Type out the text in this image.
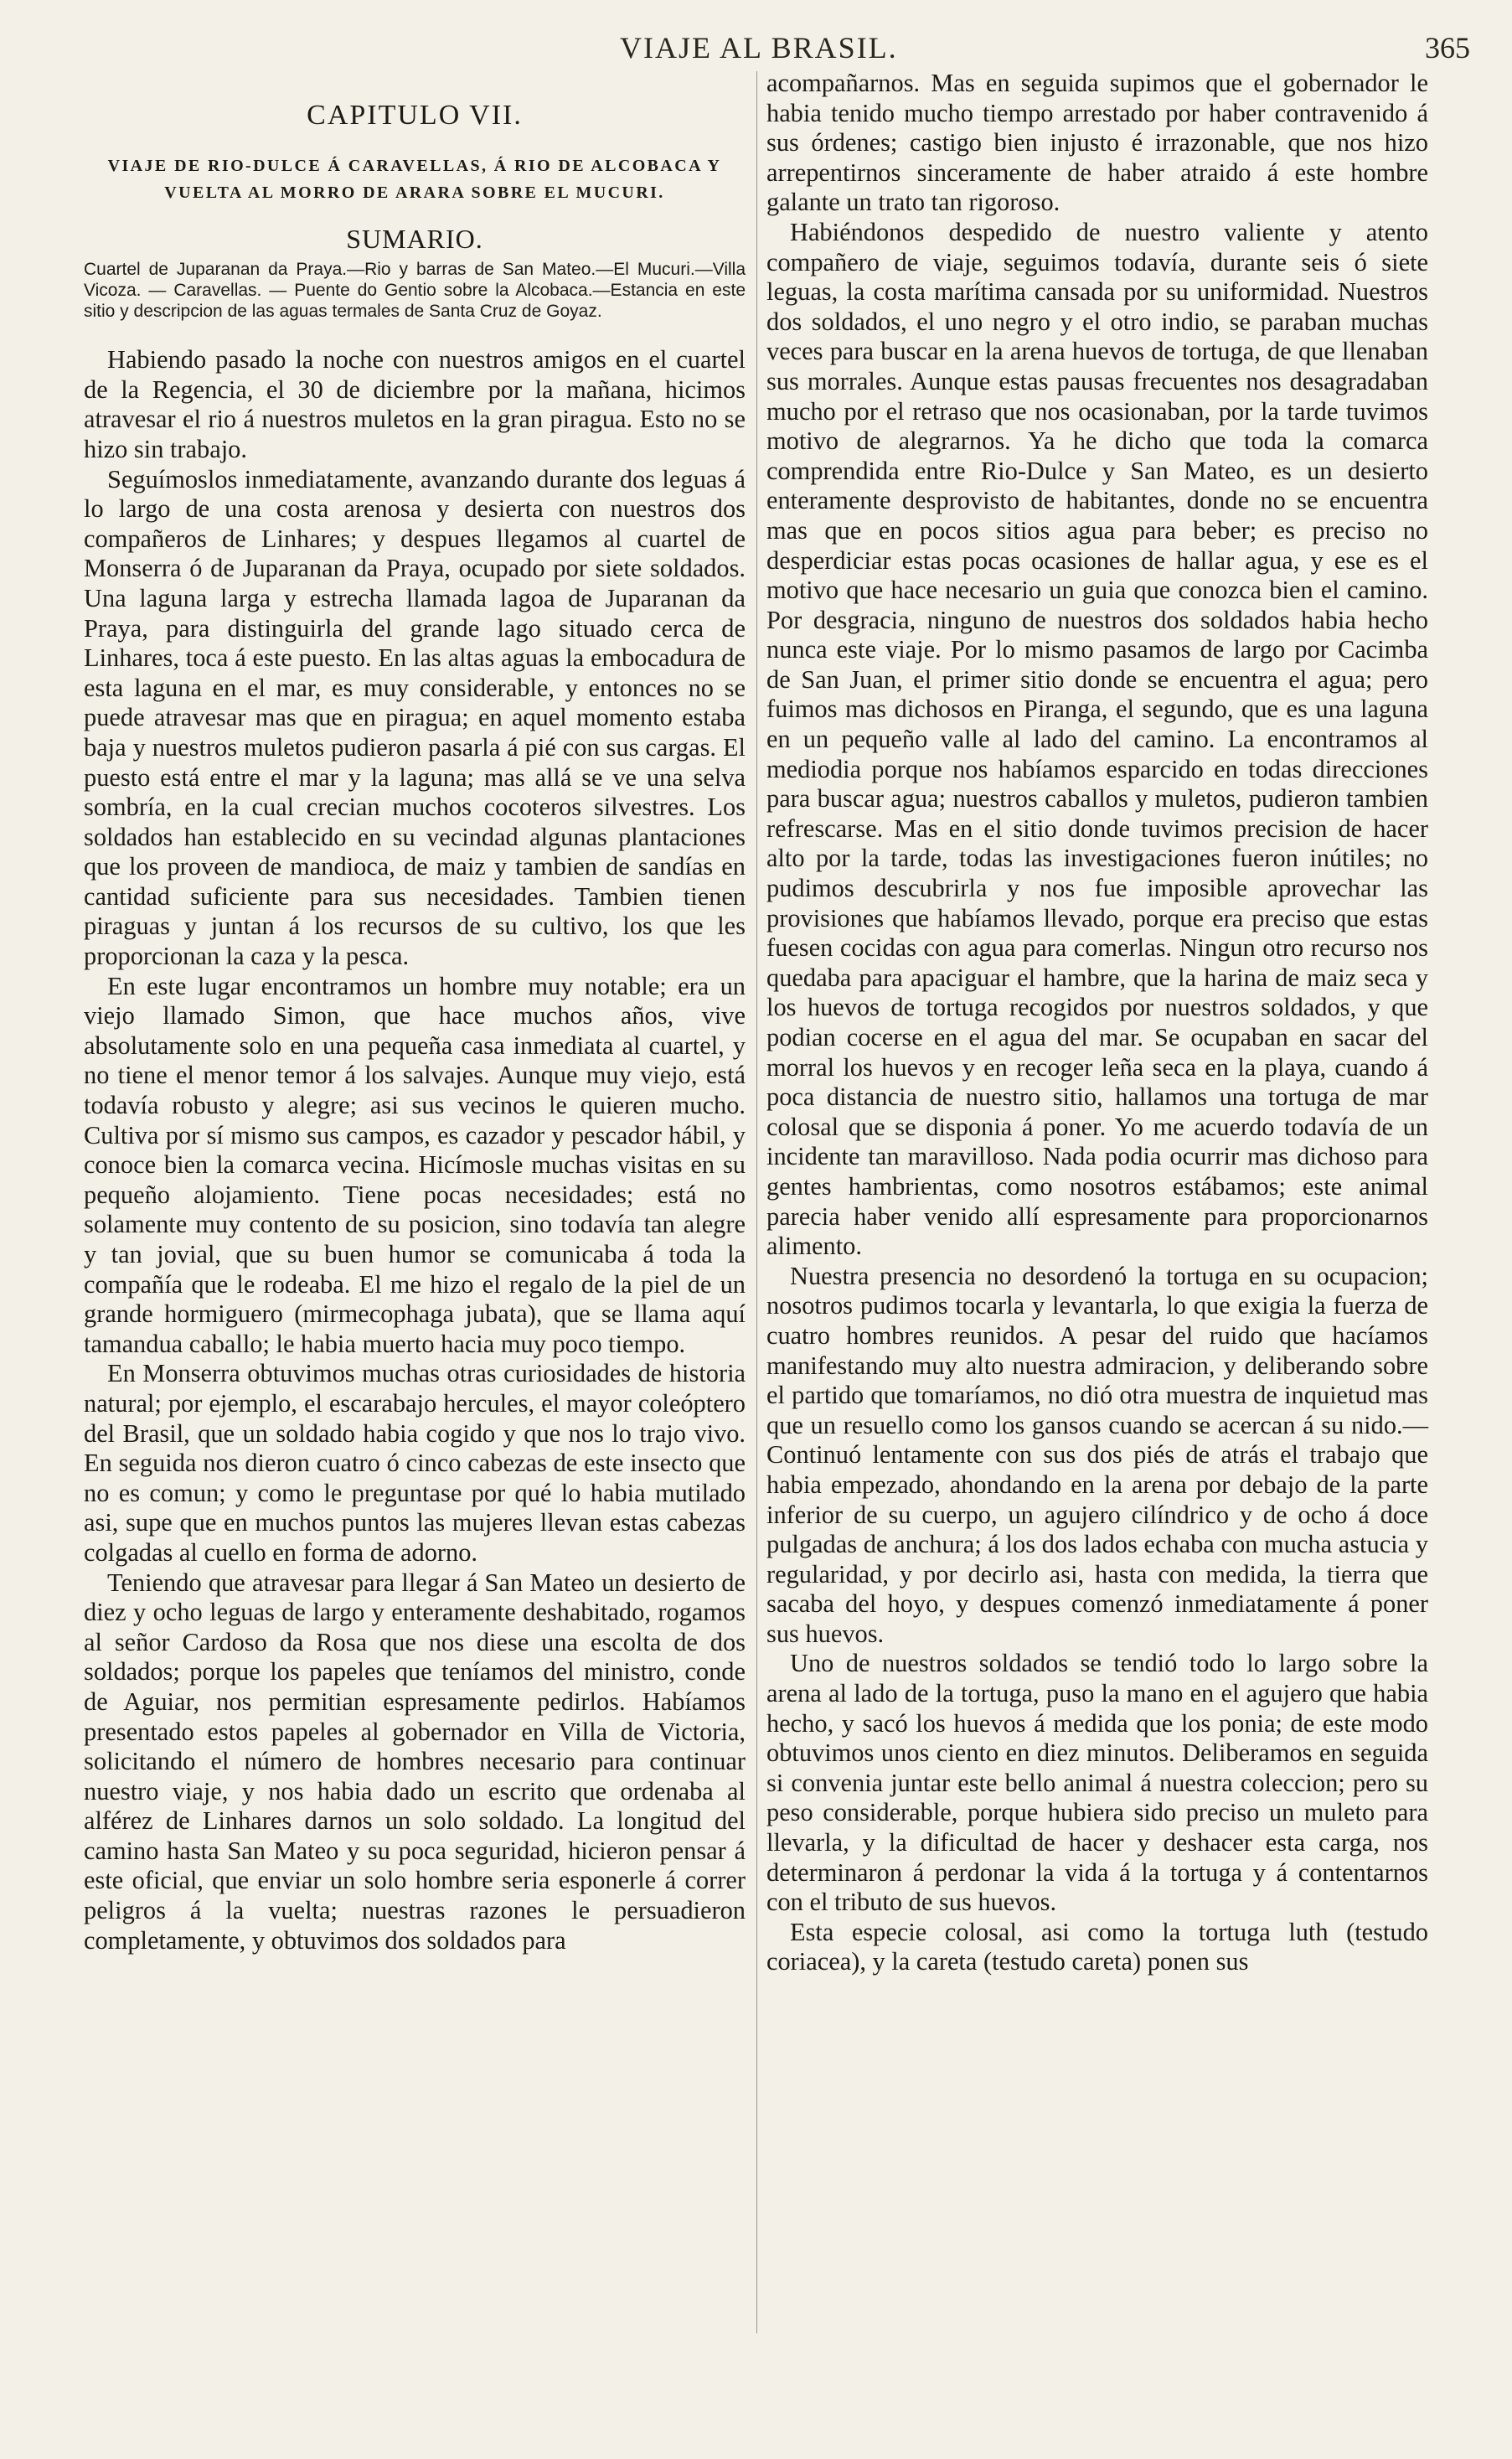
VIAJE AL BRASIL.	365
CAPITULO VII.
VIAJE DE RIO-DULCE Á CARAVELLAS, Á RIO DE ALCOBACA Y VUELTA AL MORRO DE ARARA SOBRE EL MUCURI.
SUMARIO.
Cuartel de Juparanan da Praya.—Rio y barras de San Mateo.—El Mucuri.—Villa Vicoza. — Caravellas. — Puente do Gentio sobre la Alcobaca.—Estancia en este sitio y descripcion de las aguas termales de Santa Cruz de Goyaz.

Habiendo pasado la noche con nuestros amigos en el cuartel de la Regencia, el 30 de diciembre por la mañana, hicimos atravesar el rio á nuestros muletos en la gran piragua. Esto no se hizo sin trabajo.

Seguímoslos inmediatamente, avanzando durante dos leguas á lo largo de una costa arenosa y desierta con nuestros dos compañeros de Linhares; y despues llegamos al cuartel de Monserra ó de Juparanan da Praya, ocupado por siete soldados. Una laguna larga y estrecha llamada lagoa de Juparanan da Praya, para distinguirla del grande lago situado cerca de Linhares, toca á este puesto. En las altas aguas la embocadura de esta laguna en el mar, es muy considerable, y entonces no se puede atravesar mas que en piragua; en aquel momento estaba baja y nuestros muletos pudieron pasarla á pié con sus cargas. El puesto está entre el mar y la laguna; mas allá se ve una selva sombría, en la cual crecian muchos cocoteros silvestres. Los soldados han establecido en su vecindad algunas plantaciones que los proveen de mandioca, de maiz y tambien de sandías en cantidad suficiente para sus necesidades. Tambien tienen piraguas y juntan á los recursos de su cultivo, los que les proporcionan la caza y la pesca.

En este lugar encontramos un hombre muy notable; era un viejo llamado Simon, que hace muchos años, vive absolutamente solo en una pequeña casa inmediata al cuartel, y no tiene el menor temor á los salvajes. Aunque muy viejo, está todavía robusto y alegre; asi sus vecinos le quieren mucho. Cultiva por sí mismo sus campos, es cazador y pescador hábil, y conoce bien la comarca vecina. Hicímosle muchas visitas en su pequeño alojamiento. Tiene pocas necesidades; está no solamente muy contento de su posicion, sino todavía tan alegre y tan jovial, que su buen humor se comunicaba á toda la compañía que le rodeaba. El me hizo el regalo de la piel de un grande hormiguero (mirmecophaga jubata), que se llama aquí tamandua caballo; le habia muerto hacia muy poco tiempo.

En Monserra obtuvimos muchas otras curiosidades de historia natural; por ejemplo, el escarabajo hercules, el mayor coleóptero del Brasil, que un soldado habia cogido y que nos lo trajo vivo. En seguida nos dieron cuatro ó cinco cabezas de este insecto que no es comun; y como le preguntase por qué lo habia mutilado asi, supe que en muchos puntos las mujeres llevan estas cabezas colgadas al cuello en forma de adorno.

Teniendo que atravesar para llegar á San Mateo un desierto de diez y ocho leguas de largo y enteramente deshabitado, rogamos al señor Cardoso da Rosa que nos diese una escolta de dos soldados; porque los papeles que teníamos del ministro, conde de Aguiar, nos permitian espresamente pedirlos. Habíamos presentado estos papeles al gobernador en Villa de Victoria, solicitando el número de hombres necesario para continuar nuestro viaje, y nos habia dado un escrito que ordenaba al alférez de Linhares darnos un solo soldado. La longitud del camino hasta San Mateo y su poca seguridad, hicieron pensar á este oficial, que enviar un solo hombre seria esponerle á correr peligros á la vuelta; nuestras razones le persuadieron completamente, y obtuvimos dos soldados para

acompañarnos. Mas en seguida supimos que el gobernador le habia tenido mucho tiempo arrestado por haber contravenido á sus órdenes; castigo bien injusto é irrazonable, que nos hizo arrepentirnos sinceramente de haber atraido á este hombre galante un trato tan rigoroso.

Habiéndonos despedido de nuestro valiente y atento compañero de viaje, seguimos todavía, durante seis ó siete leguas, la costa marítima cansada por su uniformidad. Nuestros dos soldados, el uno negro y el otro indio, se paraban muchas veces para buscar en la arena huevos de tortuga, de que llenaban sus morrales. Aunque estas pausas frecuentes nos desagradaban mucho por el retraso que nos ocasionaban, por la tarde tuvimos motivo de alegrarnos. Ya he dicho que toda la comarca comprendida entre Rio-Dulce y San Mateo, es un desierto enteramente desprovisto de habitantes, donde no se encuentra mas que en pocos sitios agua para beber; es preciso no desperdiciar estas pocas ocasiones de hallar agua, y ese es el motivo que hace necesario un guia que conozca bien el camino. Por desgracia, ninguno de nuestros dos soldados habia hecho nunca este viaje. Por lo mismo pasamos de largo por Cacimba de San Juan, el primer sitio donde se encuentra el agua; pero fuimos mas dichosos en Piranga, el segundo, que es una laguna en un pequeño valle al lado del camino. La encontramos al mediodia porque nos habíamos esparcido en todas direcciones para buscar agua; nuestros caballos y muletos, pudieron tambien refrescarse. Mas en el sitio donde tuvimos precision de hacer alto por la tarde, todas las investigaciones fueron inútiles; no pudimos descubrirla y nos fue imposible aprovechar las provisiones que habíamos llevado, porque era preciso que estas fuesen cocidas con agua para comerlas. Ningun otro recurso nos quedaba para apaciguar el hambre, que la harina de maiz seca y los huevos de tortuga recogidos por nuestros soldados, y que podian cocerse en el agua del mar. Se ocupaban en sacar del morral los huevos y en recoger leña seca en la playa, cuando á poca distancia de nuestro sitio, hallamos una tortuga de mar colosal que se disponia á poner. Yo me acuerdo todavía de un incidente tan maravilloso. Nada podia ocurrir mas dichoso para gentes hambrientas, como nosotros estábamos; este animal parecia haber venido allí espresamente para proporcionarnos alimento.

Nuestra presencia no desordenó la tortuga en su ocupacion; nosotros pudimos tocarla y levantarla, lo que exigia la fuerza de cuatro hombres reunidos. A pesar del ruido que hacíamos manifestando muy alto nuestra admiracion, y deliberando sobre el partido que tomaríamos, no dió otra muestra de inquietud mas que un resuello como los gansos cuando se acercan á su nido.—Continuó lentamente con sus dos piés de atrás el trabajo que habia empezado, ahondando en la arena por debajo de la parte inferior de su cuerpo, un agujero cilíndrico y de ocho á doce pulgadas de anchura; á los dos lados echaba con mucha astucia y regularidad, y por decirlo asi, hasta con medida, la tierra que sacaba del hoyo, y despues comenzó inmediatamente á poner sus huevos.

Uno de nuestros soldados se tendió todo lo largo sobre la arena al lado de la tortuga, puso la mano en el agujero que habia hecho, y sacó los huevos á medida que los ponia; de este modo obtuvimos unos ciento en diez minutos. Deliberamos en seguida si convenia juntar este bello animal á nuestra coleccion; pero su peso considerable, porque hubiera sido preciso un muleto para llevarla, y la dificultad de hacer y deshacer esta carga, nos determinaron á perdonar la vida á la tortuga y á contentarnos con el tributo de sus huevos.

Esta especie colosal, asi como la tortuga luth (testudo coriacea), y la careta (testudo careta) ponen sus
